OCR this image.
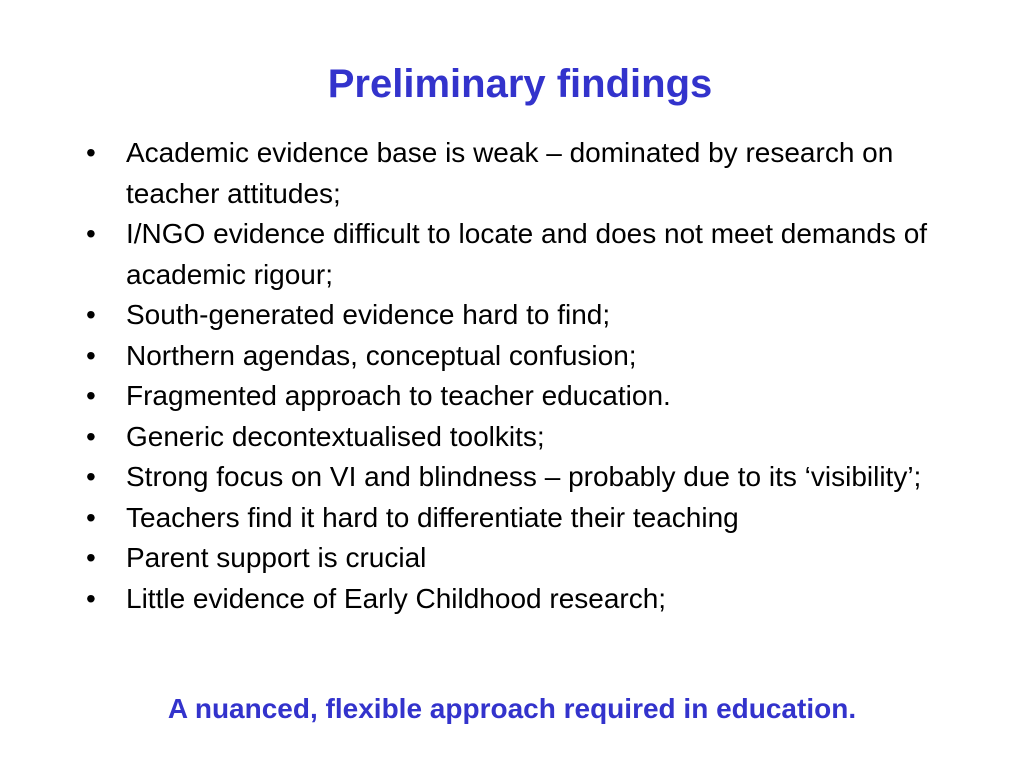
Preliminary findings
•	Academic evidence base is weak – dominated by research on teacher attitudes;
•	I/NGO evidence difficult to locate and does not meet demands of academic rigour;
•	South-generated evidence hard to find;
•	Northern agendas, conceptual confusion;
•	Fragmented approach to teacher education.
•	Generic decontextualised toolkits;
•	Strong focus on VI and blindness – probably due to its ‘visibility’;
•	Teachers find it hard to differentiate their teaching
•	Parent support is crucial
•	Little evidence of Early Childhood research;

A nuanced, flexible approach required in education.
